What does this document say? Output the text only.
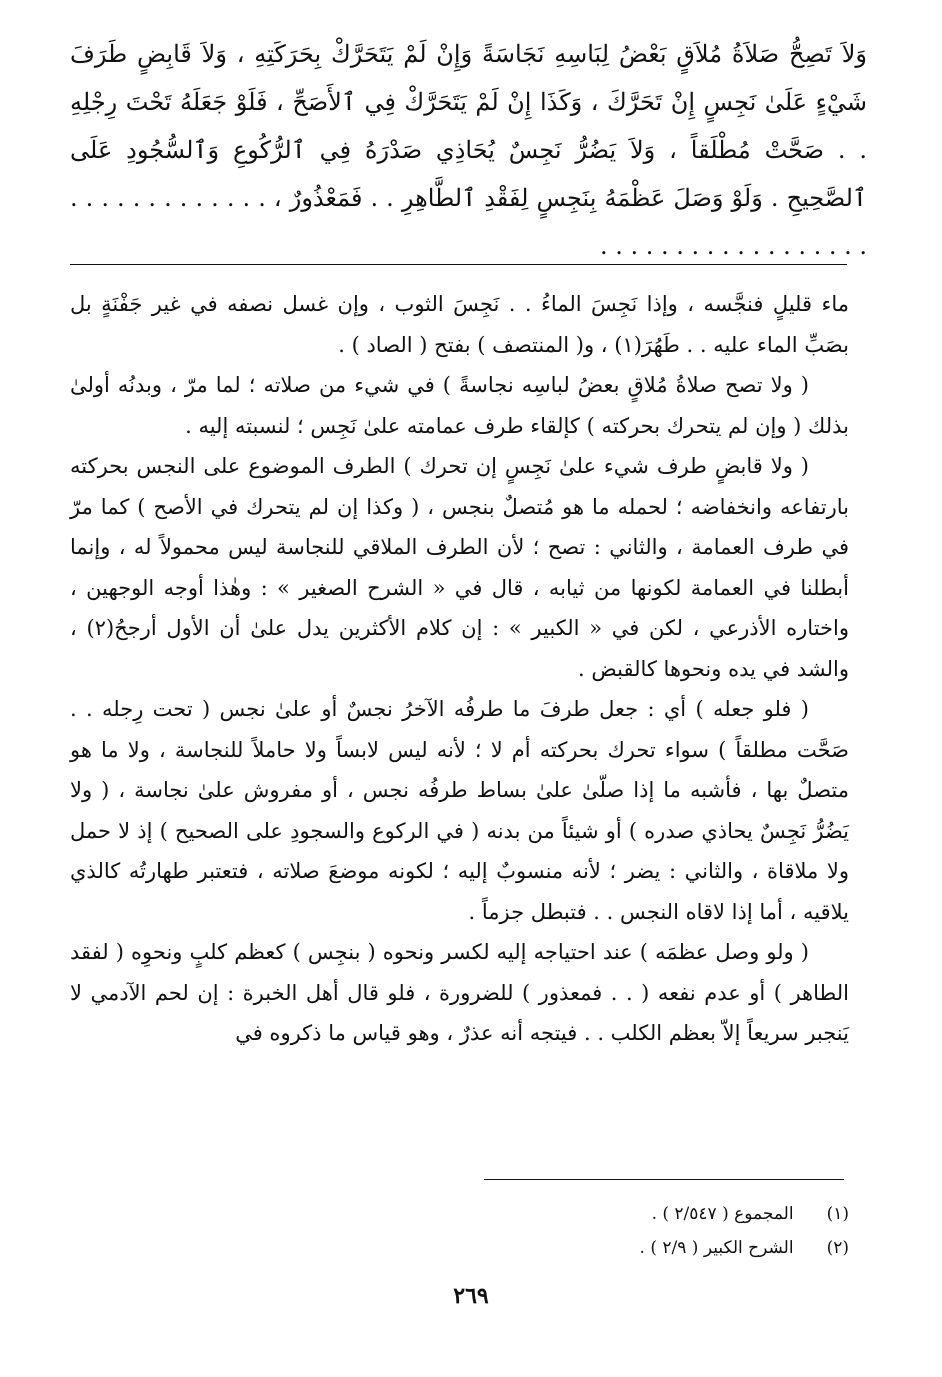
وَلاَ تَصِحُّ صَلاَةُ مُلاَقٍ بَعْضُ لِبَاسِهِ نَجَاسَةً وَإِنْ لَمْ يَتَحَرَّكْ بِحَرَكَتِهِ ، وَلاَ قَابِضٍ طَرَفَ شَيْءٍ عَلَىٰ نَجِسٍ إِنْ تَحَرَّكَ ، وَكَذَا إِنْ لَمْ يَتَحَرَّكْ فِي ٱلأَصَحِّ ، فَلَوْ جَعَلَهُ تَحْتَ رِجْلِهِ . . صَحَّتْ مُطْلَقاً ، وَلاَ يَضُرُّ نَجِسٌ يُحَاذِي صَدْرَهُ فِي ٱلرُّكُوعِ وَٱلسُّجُودِ عَلَى ٱلصَّحِيحِ . وَلَوْ وَصَلَ عَظْمَهُ بِنَجِسٍ لِفَقْدِ ٱلطَّاهِرِ . . فَمَعْذُورٌ ، . . . . . . . . . . . . . . . . . . . . . . . . . . . . . . .

ماء قليلٍ فنجَّسه ، وإذا نَجِسَ الماءُ . . نَجِسَ الثوب ، وإن غسل نصفه في غير جَفْنَةٍ بل بصَبِّ الماء عليه . . طَهُرَ(١) ، و( المنتصف ) بفتح ( الصاد ) .

( ولا تصح صلاةُ مُلاقٍ بعضُ لباسِه نجاسةً ) في شيء من صلاته ؛ لما مرّ ، وبدنُه أولىٰ بذلك ( وإن لم يتحرك بحركته ) كإلقاء طرف عمامته علىٰ نَجِس ؛ لنسبته إليه .

( ولا قابضٍ طرف شيء علىٰ نَجِسٍ إن تحرك ) الطرف الموضوع على النجس بحركته بارتفاعه وانخفاضه ؛ لحمله ما هو مُتصلٌ بنجس ، ( وكذا إن لم يتحرك في الأصح ) كما مرّ في طرف العمامة ، والثاني : تصح ؛ لأن الطرف الملاقي للنجاسة ليس محمولاً له ، وإنما أبطلنا في العمامة لكونها من ثيابه ، قال في « الشرح الصغير » : وهٰذا أوجه الوجهين ، واختاره الأذرعي ، لكن في « الكبير » : إن كلام الأكثرين يدل علىٰ أن الأول أرجحُ(٢) ، والشد في يده ونحوها كالقبض .

( فلو جعله ) أي : جعل طرفَ ما طرفُه الآخرُ نجسٌ أو علىٰ نجس ( تحت رِجله . . صَحَّت مطلقاً ) سواء تحرك بحركته أم لا ؛ لأنه ليس لابساً ولا حاملاً للنجاسة ، ولا ما هو متصلٌ بها ، فأشبه ما إذا صلّىٰ علىٰ بساط طرفُه نجس ، أو مفروش علىٰ نجاسة ، ( ولا يَضُرُّ نَجِسٌ يحاذي صدره ) أو شيئاً من بدنه ( في الركوع والسجودِ على الصحيح ) إذ لا حمل ولا ملاقاة ، والثاني : يضر ؛ لأنه منسوبٌ إليه ؛ لكونه موضعَ صلاته ، فتعتبر طهارتُه كالذي يلاقيه ، أما إذا لاقاه النجس . . فتبطل جزماً .

( ولو وصل عظمَه ) عند احتياجه إليه لكسر ونحوه ( بنجِس ) كعظم كلبٍ ونحوِه ( لفقد الطاهر ) أو عدم نفعه ( . . فمعذور ) للضرورة ، فلو قال أهل الخبرة : إن لحم الآدمي لا يَنجبر سريعاً إلاّ بعظم الكلب . . فيتجه أنه عذرٌ ، وهو قياس ما ذكروه في

(١) المجموع ( ٢/٥٤٧ ) .
(٢) الشرح الكبير ( ٢/٩ ) .
٢٦٩
